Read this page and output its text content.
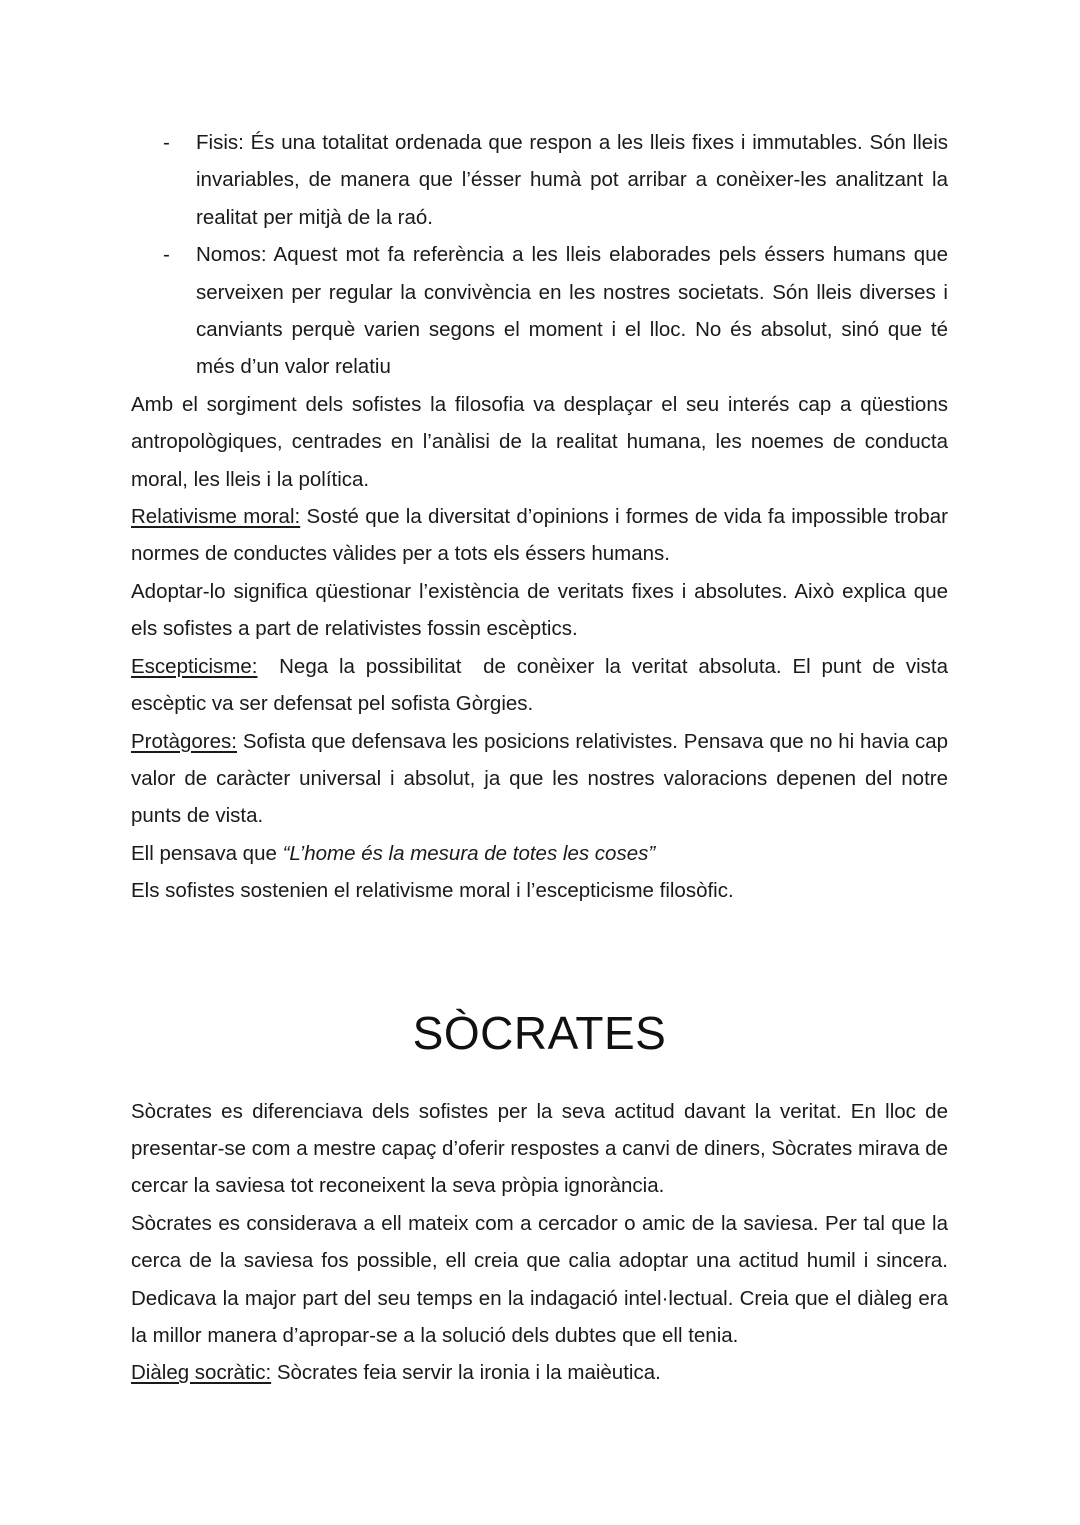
- Fisis: És una totalitat ordenada que respon a les lleis fixes i immutables. Són lleis invariables, de manera que l’ésser humà pot arribar a conèixer-les analitzant la realitat per mitjà de la raó.
- Nomos: Aquest mot fa referència a les lleis elaborades pels éssers humans que serveixen per regular la convivència en les nostres societats. Són lleis diverses i canviants perquè varien segons el moment i el lloc. No és absolut, sinó que té més d’un valor relatiu

Amb el sorgiment dels sofistes la filosofia va desplaçar el seu interés cap a qüestions antropològiques, centrades en l’anàlisi de la realitat humana, les noemes de conducta moral, les lleis i la política.

Relativisme moral: Sosté que la diversitat d’opinions i formes de vida fa impossible trobar normes de conductes vàlides per a tots els éssers humans.

Adoptar-lo significa qüestionar l’existència de veritats fixes i absolutes. Això explica que els sofistes a part de relativistes fossin escèptics.

Escepticisme:  Nega la possibilitat  de conèixer la veritat absoluta. El punt de vista escèptic va ser defensat pel sofista Gòrgies.

Protàgores: Sofista que defensava les posicions relativistes. Pensava que no hi havia cap valor de caràcter universal i absolut, ja que les nostres valoracions depenen del notre punts de vista.

Ell pensava que “L’home és la mesura de totes les coses”

Els sofistes sostenien el relativisme moral i l’escepticisme filosòfic.

SÒCRATES

Sòcrates es diferenciava dels sofistes per la seva actitud davant la veritat. En lloc de presentar-se com a mestre capaç d’oferir respostes a canvi de diners, Sòcrates mirava de cercar la saviesa tot reconeixent la seva pròpia ignorància.

Sòcrates es considerava a ell mateix com a cercador o amic de la saviesa. Per tal que la cerca de la saviesa fos possible, ell creia que calia adoptar una actitud humil i sincera. Dedicava la major part del seu temps en la indagació intel·lectual. Creia que el diàleg era la millor manera d’apropar-se a la solució dels dubtes que ell tenia.

Diàleg socràtic: Sòcrates feia servir la ironia i la maièutica.
